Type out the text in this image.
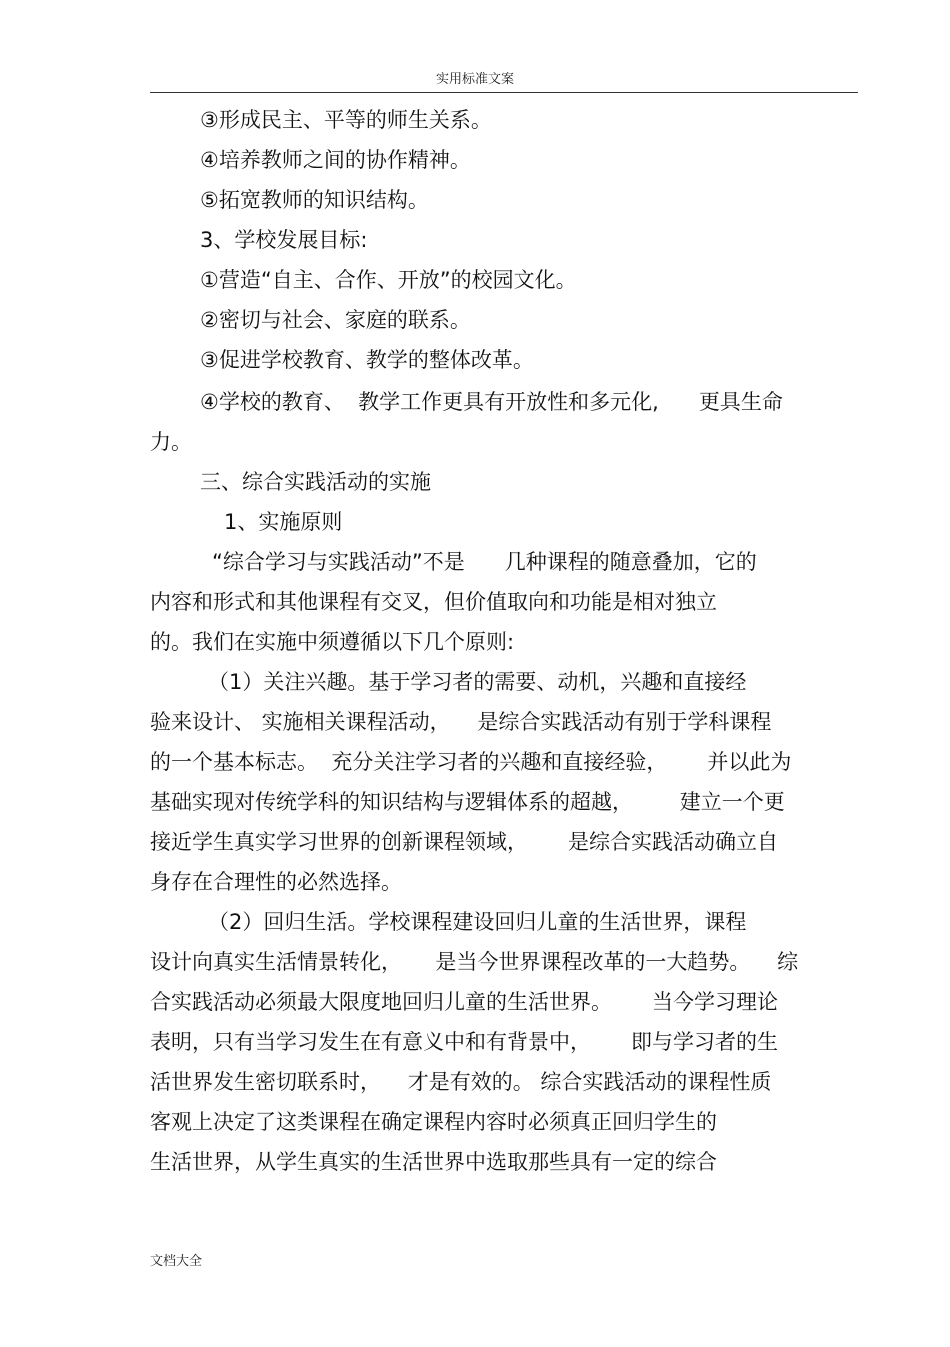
实用标准文案
③形成民主、平等的师生关系。
④培养教师之间的协作精神。
⑤拓宽教师的知识结构。
3、学校发展目标:
①营造“自主、合作、开放”的校园文化。
②密切与社会、家庭的联系。
③促进学校教育、教学的整体改革。
④学校的教育、  教学工作更具有开放性和多元化,      更具生命
力。
三、综合实践活动的实施
1、实施原则
“综合学习与实践活动”不是      几种课程的随意叠加，它的
内容和形式和其他课程有交叉，但价值取向和功能是相对独立
的。我们在实施中须遵循以下几个原则:
（1）关注兴趣。基于学习者的需要、动机，兴趣和直接经
验来设计、 实施相关课程活动，    是综合实践活动有别于学科课程
的一个基本标志。  充分关注学习者的兴趣和直接经验，      并以此为
基础实现对传统学科的知识结构与逻辑体系的超越，       建立一个更
接近学生真实学习世界的创新课程领域，      是综合实践活动确立自
身存在合理性的必然选择。
（2）回归生活。学校课程建设回归儿童的生活世界，课程
设计向真实生活情景转化，     是当今世界课程改革的一大趋势。    综
合实践活动必须最大限度地回归儿童的生活世界。      当今学习理论
表明，只有当学习发生在有意义中和有背景中，      即与学习者的生
活世界发生密切联系时，    才是有效的。 综合实践活动的课程性质
客观上决定了这类课程在确定课程内容时必须真正回归学生的
生活世界，从学生真实的生活世界中选取那些具有一定的综合
文档大全
